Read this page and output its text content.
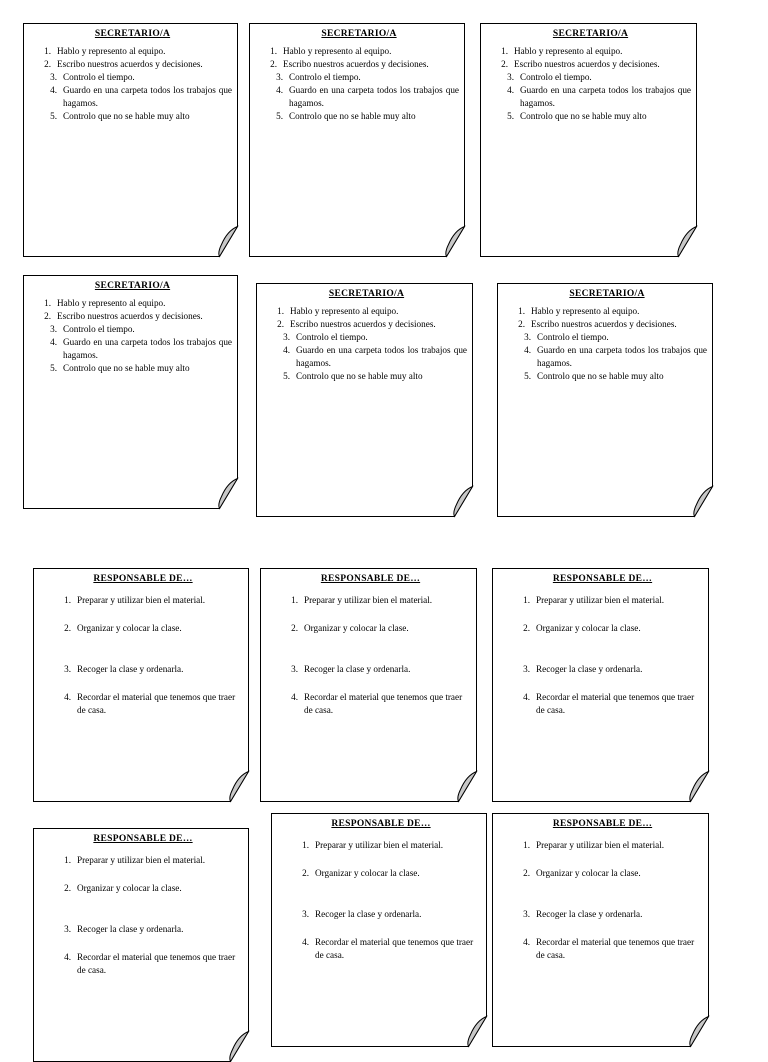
SECRETARIO/A
1. Hablo y represento al equipo.
2. Escribo nuestros acuerdos y decisiones.
3. Controlo el tiempo.
4. Guardo en una carpeta todos los trabajos que hagamos.
5. Controlo que no se hable muy alto
SECRETARIO/A
1. Hablo y represento al equipo.
2. Escribo nuestros acuerdos y decisiones.
3. Controlo el tiempo.
4. Guardo en una carpeta todos los trabajos que hagamos.
5. Controlo que no se hable muy alto
SECRETARIO/A
1. Hablo y represento al equipo.
2. Escribo nuestros acuerdos y decisiones.
3. Controlo el tiempo.
4. Guardo en una carpeta todos los trabajos que hagamos.
5. Controlo que no se hable muy alto
SECRETARIO/A
1. Hablo y represento al equipo.
2. Escribo nuestros acuerdos y decisiones.
3. Controlo el tiempo.
4. Guardo en una carpeta todos los trabajos que hagamos.
5. Controlo que no se hable muy alto
SECRETARIO/A
1. Hablo y represento al equipo.
2. Escribo nuestros acuerdos y decisiones.
3. Controlo el tiempo.
4. Guardo en una carpeta todos los trabajos que hagamos.
5. Controlo que no se hable muy alto
SECRETARIO/A
1. Hablo y represento al equipo.
2. Escribo nuestros acuerdos y decisiones.
3. Controlo el tiempo.
4. Guardo en una carpeta todos los trabajos que hagamos.
5. Controlo que no se hable muy alto
RESPONSABLE DE…
1. Preparar y utilizar bien el material.
2. Organizar y colocar la clase.
3. Recoger la clase y ordenarla.
4. Recordar el material que tenemos que traer de casa.
RESPONSABLE DE…
1. Preparar y utilizar bien el material.
2. Organizar y colocar la clase.
3. Recoger la clase y ordenarla.
4. Recordar el material que tenemos que traer de casa.
RESPONSABLE DE…
1. Preparar y utilizar bien el material.
2. Organizar y colocar la clase.
3. Recoger la clase y ordenarla.
4. Recordar el material que tenemos que traer de casa.
RESPONSABLE DE…
1. Preparar y utilizar bien el material.
2. Organizar y colocar la clase.
3. Recoger la clase y ordenarla.
4. Recordar el material que tenemos que traer de casa.
RESPONSABLE DE…
1. Preparar y utilizar bien el material.
2. Organizar y colocar la clase.
3. Recoger la clase y ordenarla.
4. Recordar el material que tenemos que traer de casa.
RESPONSABLE DE…
1. Preparar y utilizar bien el material.
2. Organizar y colocar la clase.
3. Recoger la clase y ordenarla.
4. Recordar el material que tenemos que traer de casa.
